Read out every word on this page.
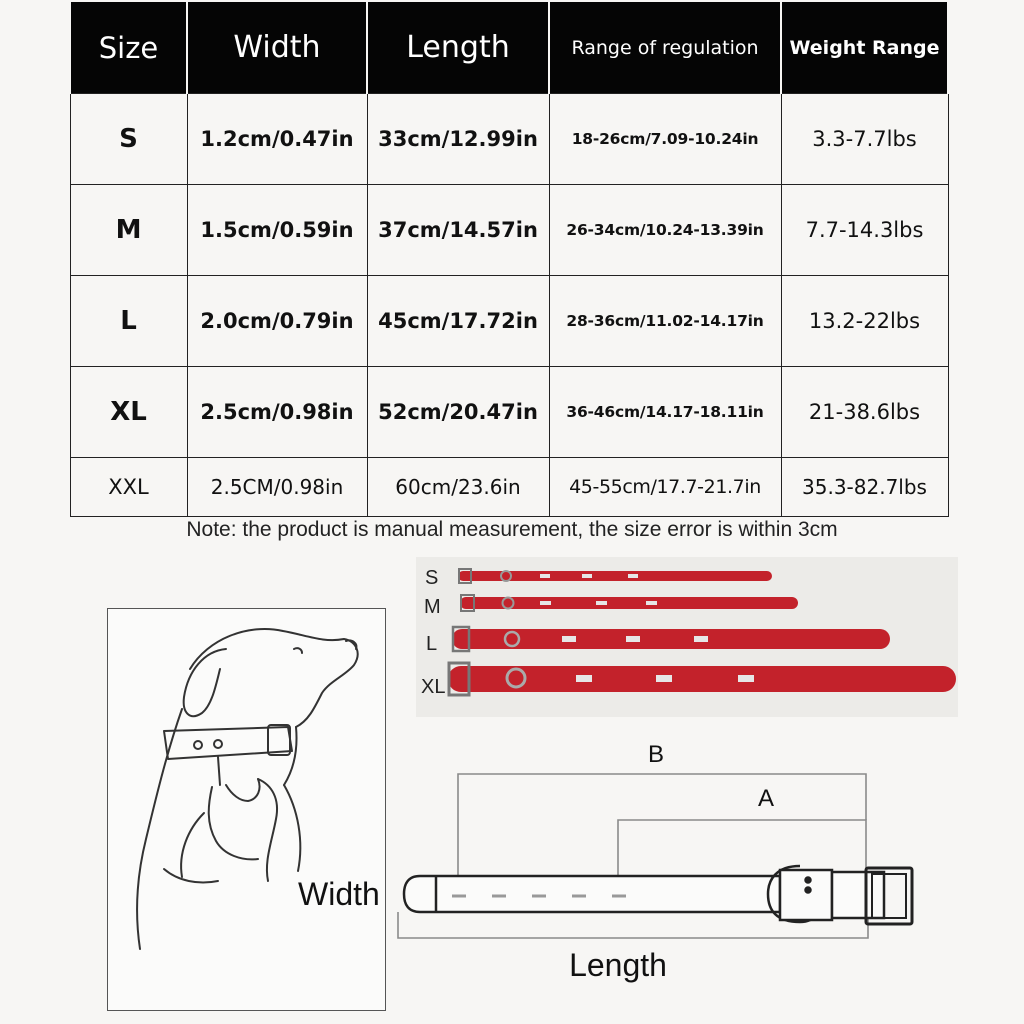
Size	Width	Length	Range of regulation	Weight Range
S	1.2cm/0.47in	33cm/12.99in	18-26cm/7.09-10.24in	3.3-7.7lbs
M	1.5cm/0.59in	37cm/14.57in	26-34cm/10.24-13.39in	7.7-14.3lbs
L	2.0cm/0.79in	45cm/17.72in	28-36cm/11.02-14.17in	13.2-22lbs
XL	2.5cm/0.98in	52cm/20.47in	36-46cm/14.17-18.11in	21-38.6lbs
XXL	2.5CM/0.98in	60cm/23.6in	45-55cm/17.7-21.7in	35.3-82.7lbs

Note: the product is manual measurement, the size error is within 3cm

S
M
L
XL
B
A
Width
Length
